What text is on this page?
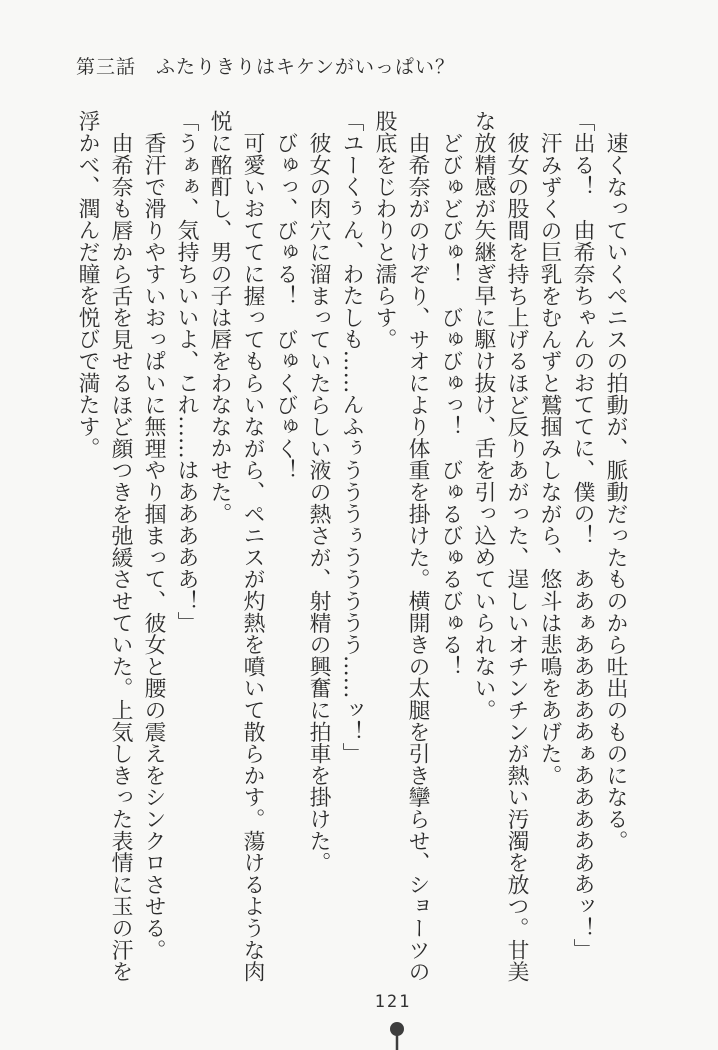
第三話　ふたりきりはキケンがいっぱい？

速くなっていくペニスの拍動が、脈動だったものから吐出のものになる。

「出る！　由希奈ちゃんのおててに、僕の！　ああぁあああああぁああああああッ！」

汗みずくの巨乳をむんずと鷲掴みしながら、悠斗は悲鳴をあげた。

彼女の股間を持ち上げるほど反りあがった、逞しいオチンチンが熱い汚濁を放つ。甘美な放精感が矢継ぎ早に駆け抜け、舌を引っ込めていられない。

どびゅどびゅ！　びゅびゅっ！　びゅるびゅるびゅる！

由希奈がのけぞり、サオにより体重を掛けた。横開きの太腿を引き攣らせ、ショーツの股底をじわりと濡らす。

「ユーくぅん、わたしも……んふぅうううぅううううう……ッ！」

彼女の肉穴に溜まっていたらしい液の熱さが、射精の興奮に拍車を掛けた。

びゅっ、びゅる！　びゅくびゅく！

可愛いおててに握ってもらいながら、ペニスが灼熱を噴いて散らかす。蕩けるような肉悦に酩酊し、男の子は唇をわななかせた。

「うぁぁ、気持ちいいよ、これ……はあああああ！」

香汗で滑りやすいおっぱいに無理やり掴まって、彼女と腰の震えをシンクロさせる。

由希奈も唇から舌を見せるほど顔つきを弛緩させていた。上気しきった表情に玉の汗を浮かべ、潤んだ瞳を悦びで満たす。

121
